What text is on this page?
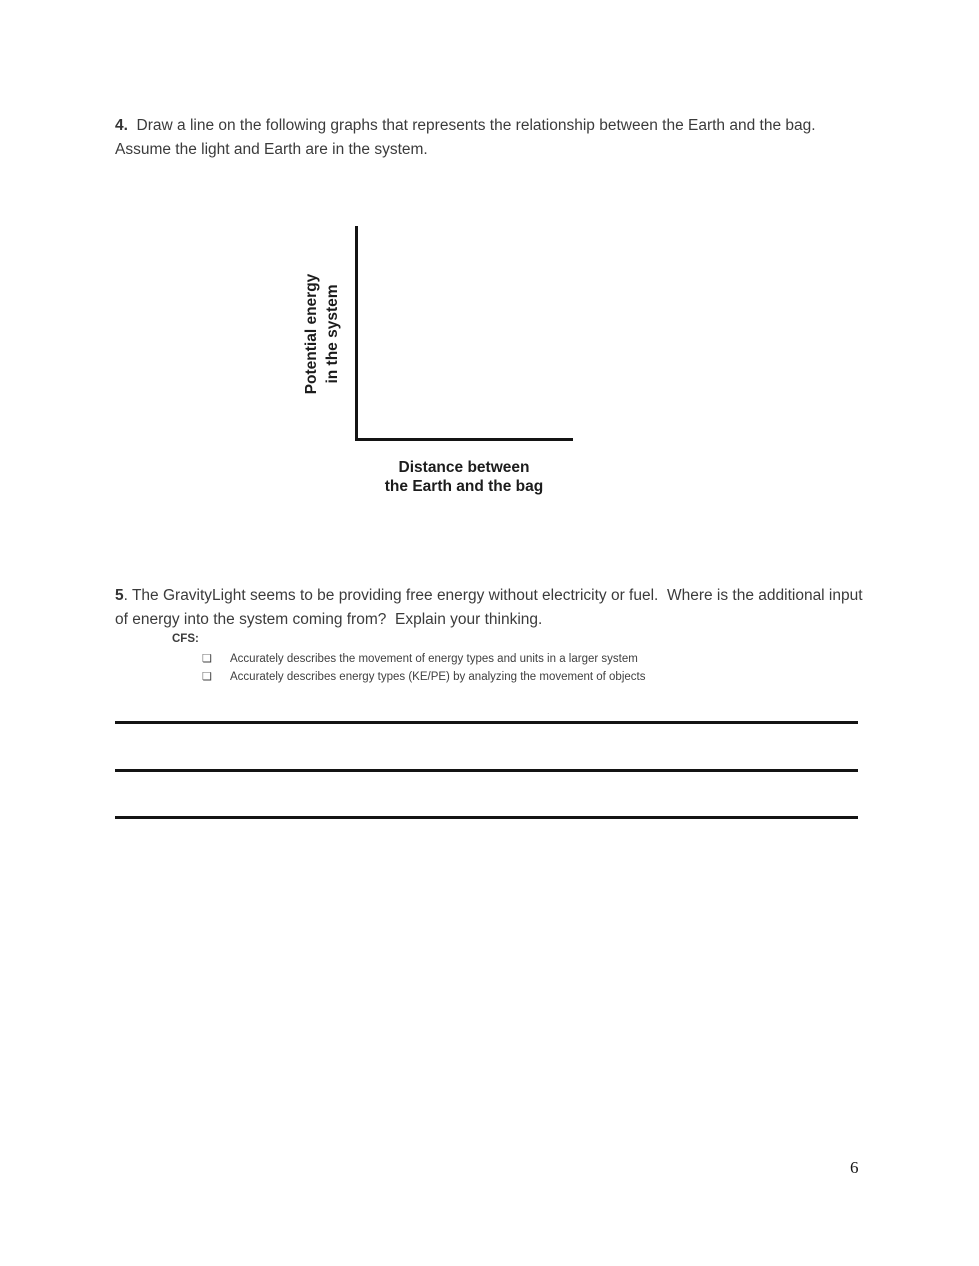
4.  Draw a line on the following graphs that represents the relationship between the Earth and the bag.  Assume the light and Earth are in the system.

Potential energy in the system
Distance between
the Earth and the bag

5. The GravityLight seems to be providing free energy without electricity or fuel.  Where is the additional input of energy into the system coming from?  Explain your thinking.

CFS:
❏	Accurately describes the movement of energy types and units in a larger system
❏	Accurately describes energy types (KE/PE) by analyzing the movement of objects
6
